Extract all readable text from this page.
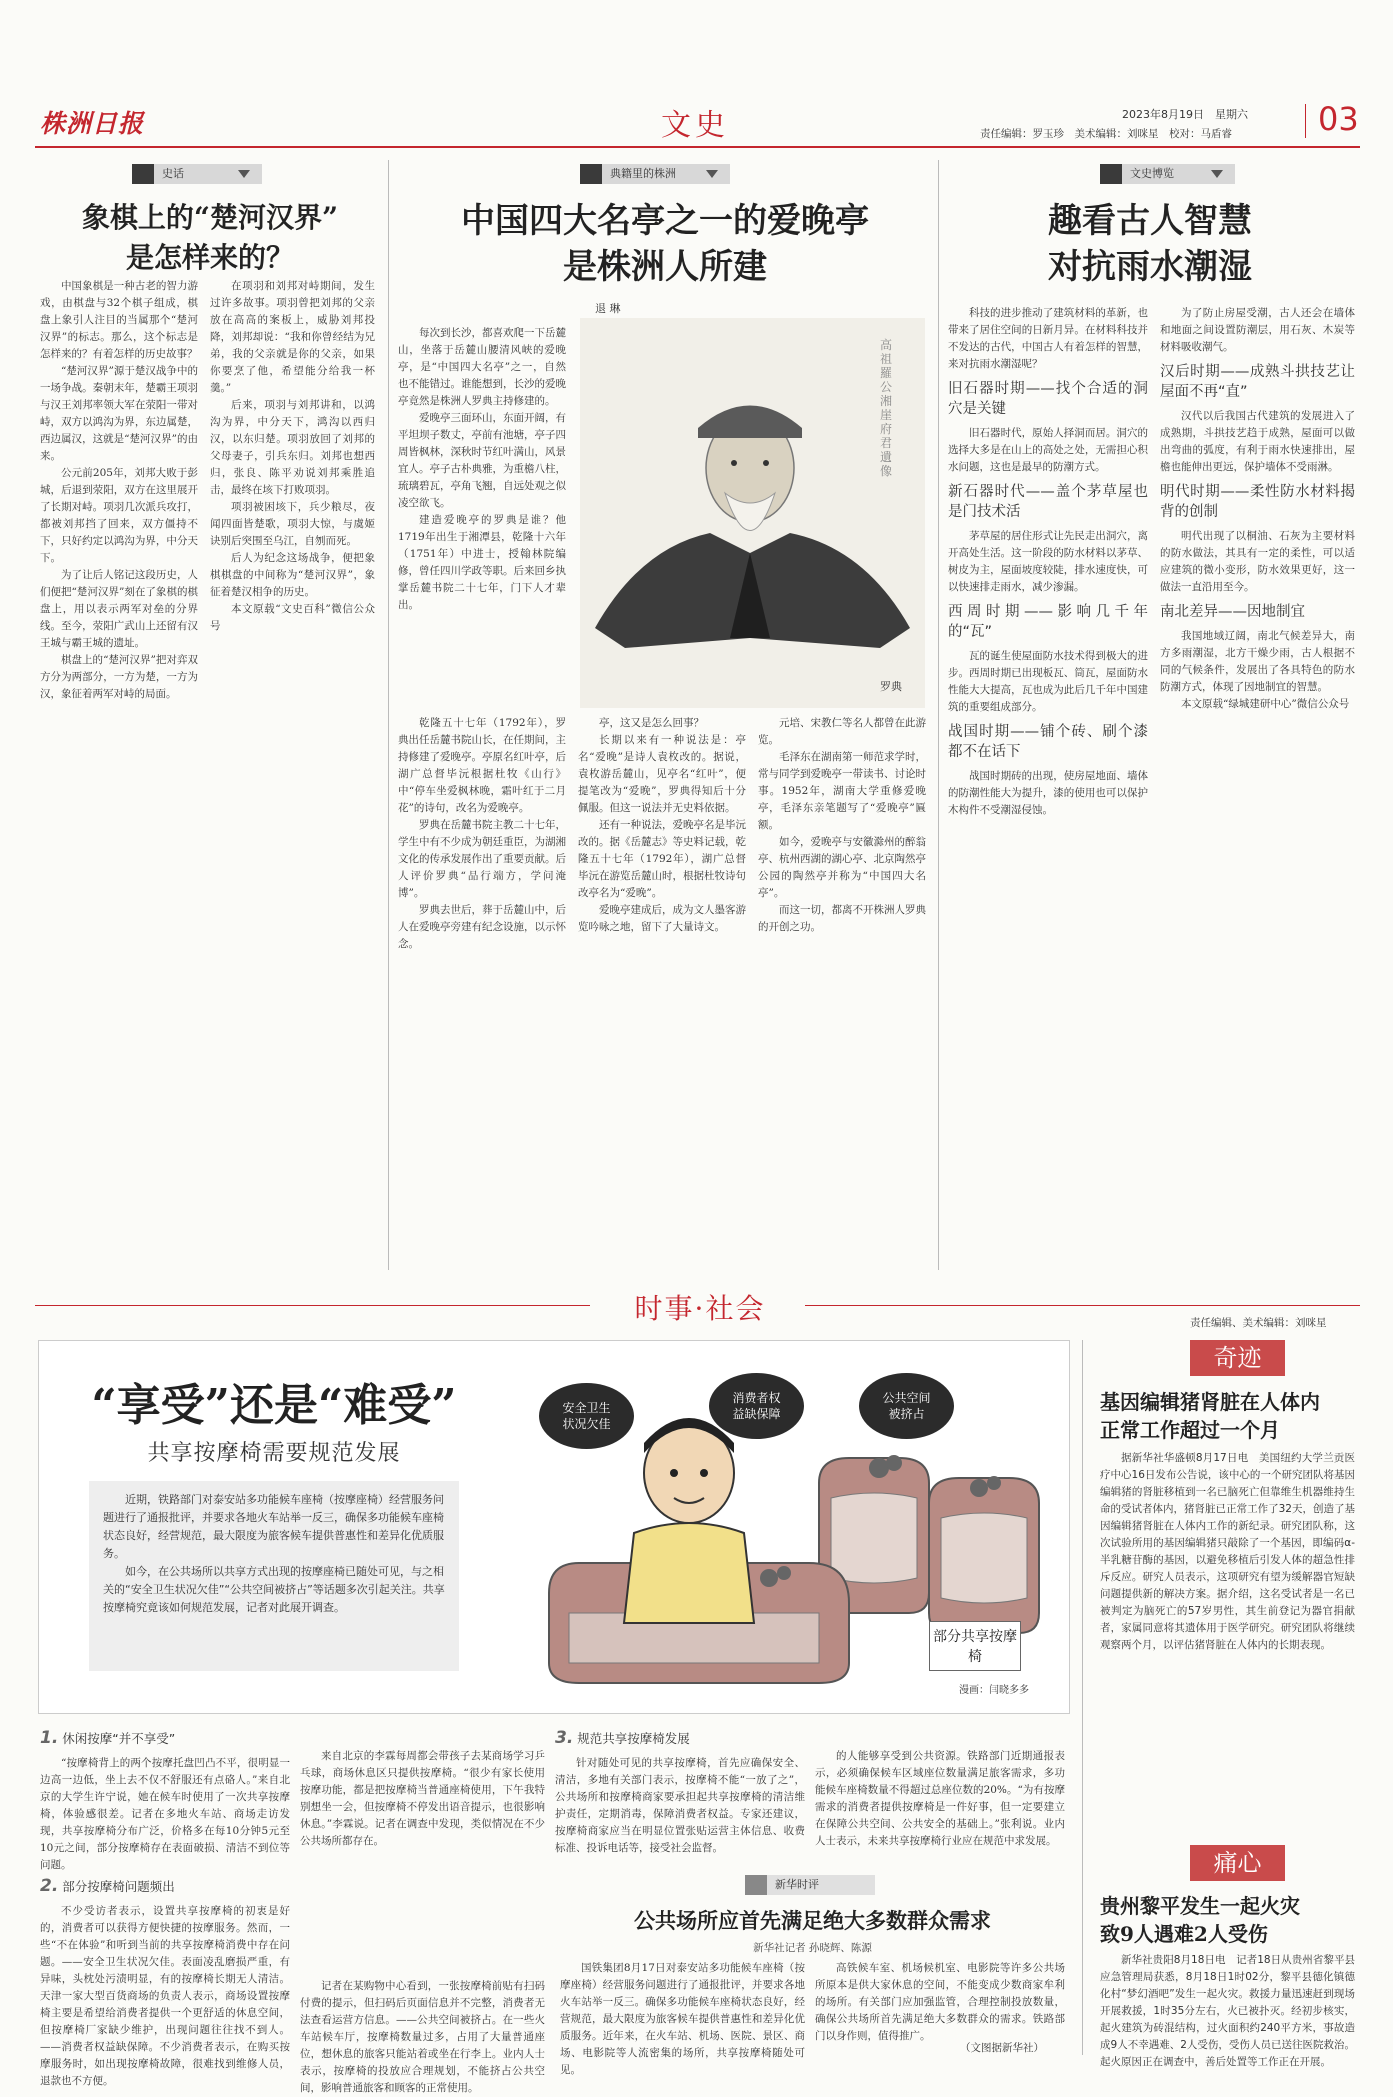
株洲日报	文史	2023年8月19日　 星期六
责任编辑：罗玉珍　美术编辑：刘咪星　校对：马盾睿	03
史话
象棋上的“楚河汉界”
是怎样来的？

中国象棋是一种古老的智力游戏，由棋盘与32个棋子组成，棋盘上象引人注目的当属那个“楚河汉界”的标志。那么，这个标志是怎样来的？有着怎样的历史故事？

“楚河汉界”源于楚汉战争中的一场争战。秦朝末年，楚霸王项羽与汉王刘邦率领大军在荥阳一带对峙，双方以鸿沟为界，东边属楚，西边属汉，这就是“楚河汉界”的由来。

公元前205年，刘邦大败于彭城，后退到荥阳，双方在这里展开了长期对峙。项羽几次派兵攻打，都被刘邦挡了回来，双方僵持不下，只好约定以鸿沟为界，中分天下。

为了让后人铭记这段历史，人们便把“楚河汉界”刻在了象棋的棋盘上，用以表示两军对垒的分界线。至今，荥阳广武山上还留有汉王城与霸王城的遗址。

棋盘上的“楚河汉界”把对弈双方分为两部分，一方为楚，一方为汉，象征着两军对峙的局面。

在项羽和刘邦对峙期间，发生过许多故事。项羽曾把刘邦的父亲放在高高的案板上，威胁刘邦投降，刘邦却说：“我和你曾经结为兄弟，我的父亲就是你的父亲，如果你要烹了他，希望能分给我一杯羹。”

后来，项羽与刘邦讲和，以鸿沟为界，中分天下，鸿沟以西归汉，以东归楚。项羽放回了刘邦的父母妻子，引兵东归。刘邦也想西归，张良、陈平劝说刘邦乘胜追击，最终在垓下打败项羽。

项羽被困垓下，兵少粮尽，夜闻四面皆楚歌，项羽大惊，与虞姬诀别后突围至乌江，自刎而死。

后人为纪念这场战争，便把象棋棋盘的中间称为“楚河汉界”，象征着楚汉相争的历史。

本文原载“文史百科”微信公众号

典籍里的株洲
中国四大名亭之一的爱晚亭
是株洲人所建
退 琳

每次到长沙，都喜欢爬一下岳麓山，坐落于岳麓山腰清风峡的爱晚亭，是“中国四大名亭”之一，自然也不能错过。谁能想到，长沙的爱晚亭竟然是株洲人罗典主持修建的。

爱晚亭三面环山，东面开阔，有平坦坝子数丈，亭前有池塘，亭子四周皆枫林，深秋时节红叶满山，风景宜人。亭子古朴典雅，为重檐八柱，琉璃碧瓦，亭角飞翘，自远处观之似凌空欲飞。

建造爱晚亭的罗典是谁？他1719年出生于湘潭县，乾隆十六年（1751年）中进士，授翰林院编修，曾任四川学政等职。后来回乡执掌岳麓书院二十七年，门下人才辈出。

高祖羅公湘崖府君遺像
罗典

乾隆五十七年（1792年），罗典出任岳麓书院山长，在任期间，主持修建了爱晚亭。亭原名红叶亭，后湖广总督毕沅根据杜牧《山行》中“停车坐爱枫林晚，霜叶红于二月花”的诗句，改名为爱晚亭。

罗典在岳麓书院主教二十七年，学生中有不少成为朝廷重臣，为湖湘文化的传承发展作出了重要贡献。后人评价罗典“品行端方，学问淹博”。

罗典去世后，葬于岳麓山中，后人在爱晚亭旁建有纪念设施，以示怀念。

亭，这又是怎么回事？

长期以来有一种说法是：亭名“爱晚”是诗人袁枚改的。据说，袁枚游岳麓山，见亭名“红叶”，便提笔改为“爱晚”，罗典得知后十分佩服。但这一说法并无史料依据。

还有一种说法，爱晚亭名是毕沅改的。据《岳麓志》等史料记载，乾隆五十七年（1792年），湖广总督毕沅在游览岳麓山时，根据杜牧诗句改亭名为“爱晚”。

爱晚亭建成后，成为文人墨客游览吟咏之地，留下了大量诗文。

元培、宋教仁等名人都曾在此游览。

毛泽东在湖南第一师范求学时，常与同学到爱晚亭一带读书、讨论时事。1952年，湖南大学重修爱晚亭，毛泽东亲笔题写了“爱晚亭”匾额。

如今，爱晚亭与安徽滁州的醉翁亭、杭州西湖的湖心亭、北京陶然亭公园的陶然亭并称为“中国四大名亭”。

而这一切，都离不开株洲人罗典的开创之功。

文史博览
趣看古人智慧
对抗雨水潮湿

科技的进步推动了建筑材料的革新，也带来了居住空间的日新月异。在材料科技并不发达的古代，中国古人有着怎样的智慧，来对抗雨水潮湿呢？

旧石器时期——找个合适的洞穴是关键

旧石器时代，原始人择洞而居。洞穴的选择大多是在山上的高处之处，无需担心积水问题，这也是最早的防潮方式。

新石器时代——盖个茅草屋也是门技术活

茅草屋的居住形式让先民走出洞穴，离开高处生活。这一阶段的防水材料以茅草、树皮为主，屋面坡度较陡，排水速度快，可以快速排走雨水，减少渗漏。

西周时期——影响几千年的“瓦”

瓦的诞生使屋面防水技术得到极大的进步。西周时期已出现板瓦、筒瓦，屋面防水性能大大提高，瓦也成为此后几千年中国建筑的重要组成部分。

战国时期——铺个砖、刷个漆都不在话下

战国时期砖的出现，使房屋地面、墙体的防潮性能大为提升，漆的使用也可以保护木构件不受潮湿侵蚀。

为了防止房屋受潮，古人还会在墙体和地面之间设置防潮层，用石灰、木炭等材料吸收潮气。

汉后时期——成熟斗拱技艺让屋面不再“直”

汉代以后我国古代建筑的发展进入了成熟期，斗拱技艺趋于成熟，屋面可以做出弯曲的弧度，有利于雨水快速排出，屋檐也能伸出更远，保护墙体不受雨淋。

明代时期——柔性防水材料揭背的创制

明代出现了以桐油、石灰为主要材料的防水做法，其具有一定的柔性，可以适应建筑的微小变形，防水效果更好，这一做法一直沿用至今。

南北差异——因地制宜

我国地域辽阔，南北气候差异大，南方多雨潮湿，北方干燥少雨，古人根据不同的气候条件，发展出了各具特色的防水防潮方式，体现了因地制宜的智慧。

本文原载“绿城建研中心”微信公众号

时事·社会	责任编辑、美术编辑：刘咪星
“享受”还是“难受”
共享按摩椅需要规范发展

近期，铁路部门对泰安站多功能候车座椅（按摩座椅）经营服务问题进行了通报批评，并要求各地火车站举一反三，确保多功能候车座椅状态良好，经营规范，最大限度为旅客候车提供普惠性和差异化优质服务。

如今，在公共场所以共享方式出现的按摩座椅已随处可见，与之相关的“安全卫生状况欠佳”“公共空间被挤占”等话题多次引起关注。共享按摩椅究竟该如何规范发展，记者对此展开调查。

安全卫生状况欠佳
消费者权益缺保障
公共空间被挤占
部分共享按摩椅
漫画：闫晓多多
1. 休闲按摩“并不享受”

“按摩椅背上的两个按摩托盘凹凸不平，很明显一边高一边低，坐上去不仅不舒服还有点硌人。”来自北京的大学生许宁说，她在候车时使用了一次共享按摩椅，体验感很差。记者在多地火车站、商场走访发现，共享按摩椅分布广泛，价格多在每10分钟5元至10元之间，部分按摩椅存在表面破损、清洁不到位等问题。

来自北京的李霖每周都会带孩子去某商场学习乒乓球，商场休息区只提供按摩椅。“很少有家长使用按摩功能，都是把按摩椅当普通座椅使用，下午我特别想坐一会，但按摩椅不停发出语音提示，也很影响休息。”李霖说。记者在调查中发现，类似情况在不少公共场所都存在。

2. 部分按摩椅问题频出

不少受访者表示，设置共享按摩椅的初衷是好的，消费者可以获得方便快捷的按摩服务。然而，一些“不在体验”和听到当前的共享按摩椅消费中存在问题。——安全卫生状况欠佳。表面凌乱磨损严重，有异味，头枕处污渍明显，有的按摩椅长期无人清洁。天津一家大型百货商场的负责人表示，商场设置按摩椅主要是希望给消费者提供一个更舒适的休息空间，但按摩椅厂家缺少维护，出现问题往往找不到人。——消费者权益缺保障。不少消费者表示，在购买按摩服务时，如出现按摩椅故障，很难找到维修人员，退款也不方便。

记者在某购物中心看到，一张按摩椅前贴有扫码付费的提示，但扫码后页面信息并不完整，消费者无法查看运营方信息。——公共空间被挤占。在一些火车站候车厅，按摩椅数量过多，占用了大量普通座位，想休息的旅客只能站着或坐在行李上。业内人士表示，按摩椅的投放应合理规划，不能挤占公共空间，影响普通旅客和顾客的正常使用。

3. 规范共享按摩椅发展

针对随处可见的共享按摩椅，首先应确保安全、清洁，多地有关部门表示，按摩椅不能“一放了之”，公共场所和按摩椅商家要承担起共享按摩椅的清洁维护责任，定期消毒，保障消费者权益。专家还建议，按摩椅商家应当在明显位置张贴运营主体信息、收费标准、投诉电话等，接受社会监督。

的人能够享受到公共资源。铁路部门近期通报表示，必须确保候车区域座位数量满足旅客需求，多功能候车座椅数量不得超过总座位数的20%。“为有按摩需求的消费者提供按摩椅是一件好事，但一定要建立在保障公共空间、公共安全的基础上。”张利说。业内人士表示，未来共享按摩椅行业应在规范中求发展。

新华时评
公共场所应首先满足绝大多数群众需求
新华社记者 孙晓辉、陈源

国铁集团8月17日对泰安站多功能候车座椅（按摩座椅）经营服务问题进行了通报批评，并要求各地火车站举一反三。确保多功能候车座椅状态良好，经营规范，最大限度为旅客候车提供普惠性和差异化优质服务。近年来，在火车站、机场、医院、景区、商场、电影院等人流密集的场所，共享按摩椅随处可见。

高铁候车室、机场候机室、电影院等许多公共场所原本是供大家休息的空间，不能变成少数商家牟利的场所。有关部门应加强监管，合理控制投放数量，确保公共场所首先满足绝大多数群众的需求。铁路部门以身作则，值得推广。

（文图据新华社）
奇迹
基因编辑猪肾脏在人体内
正常工作超过一个月

据新华社华盛顿8月17日电　美国纽约大学兰贡医疗中心16日发布公告说，该中心的一个研究团队将基因编辑猪的肾脏移植到一名已脑死亡但靠维生机器维持生命的受试者体内，猪肾脏已正常工作了32天，创造了基因编辑猪肾脏在人体内工作的新纪录。研究团队称，这次试验所用的基因编辑猪只敲除了一个基因，即编码α-半乳糖苷酶的基因，以避免移植后引发人体的超急性排斥反应。研究人员表示，这项研究有望为缓解器官短缺问题提供新的解决方案。据介绍，这名受试者是一名已被判定为脑死亡的57岁男性，其生前登记为器官捐献者，家属同意将其遗体用于医学研究。研究团队将继续观察两个月，以评估猪肾脏在人体内的长期表现。

痛心
贵州黎平发生一起火灾
致9人遇难2人受伤

新华社贵阳8月18日电　记者18日从贵州省黎平县应急管理局获悉，8月18日1时02分，黎平县德化镇德化村“梦幻酒吧”发生一起火灾。救援力量迅速赶到现场开展救援，1时35分左右，火已被扑灭。经初步核实，起火建筑为砖混结构，过火面积约240平方米，事故造成9人不幸遇难、2人受伤，受伤人员已送往医院救治。起火原因正在调查中，善后处置等工作正在开展。
